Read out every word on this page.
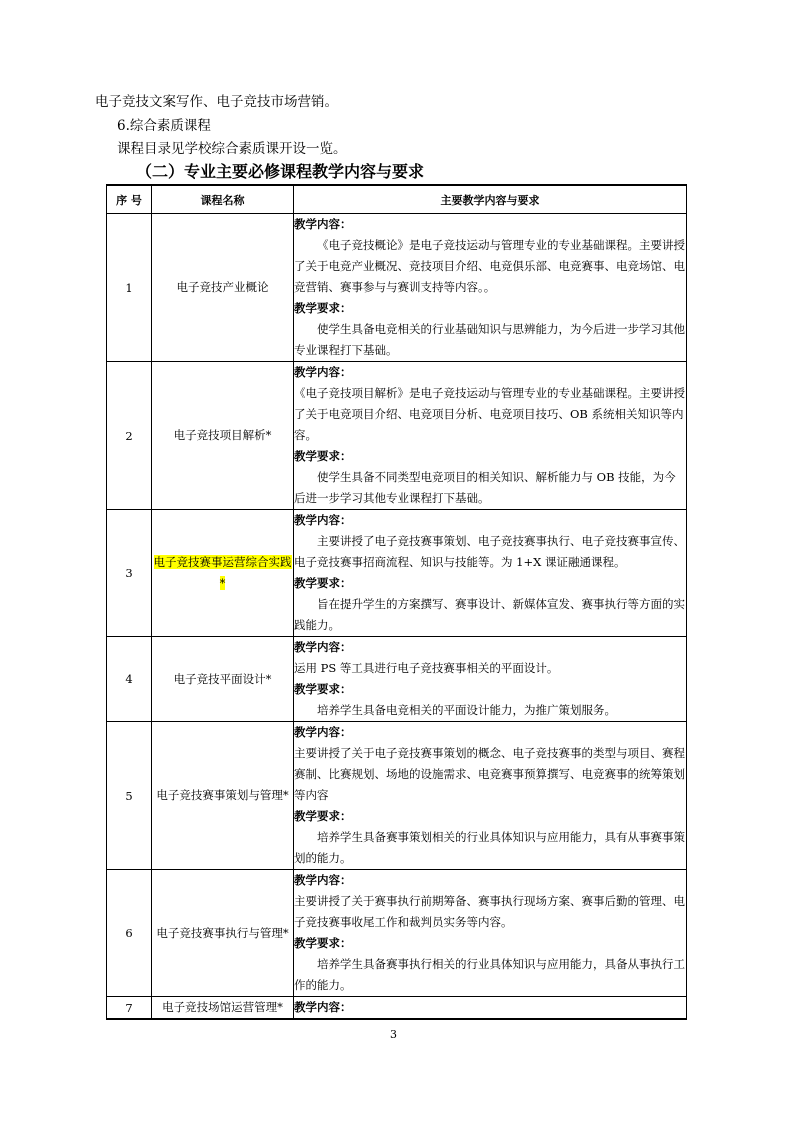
电子竞技文案写作、电子竞技市场营销。
6.综合素质课程
课程目录见学校综合素质课开设一览。
（二）专业主要必修课程教学内容与要求
序 号	课程名称	主要教学内容与要求
1	电子竞技产业概论	教学内容：
《电子竞技概论》是电子竞技运动与管理专业的专业基础课程。主要讲授了关于电竞产业概况、竞技项目介绍、电竞俱乐部、电竞赛事、电竞场馆、电竞营销、赛事参与与赛训支持等内容。。
教学要求：
使学生具备电竞相关的行业基础知识与思辨能力，为今后进一步学习其他专业课程打下基础。

2	电子竞技项目解析*	教学内容：
《电子竞技项目解析》是电子竞技运动与管理专业的专业基础课程。主要讲授了关于电竞项目介绍、电竞项目分析、电竞项目技巧、OB 系统相关知识等内容。
教学要求：
使学生具备不同类型电竞项目的相关知识、解析能力与 OB 技能，为今后进一步学习其他专业课程打下基础。

3	电子竞技赛事运营综合实践*	教学内容：
主要讲授了电子竞技赛事策划、电子竞技赛事执行、电子竞技赛事宣传、电子竞技赛事招商流程、知识与技能等。为 1+X 课证融通课程。
教学要求：
旨在提升学生的方案撰写、赛事设计、新媒体宣发、赛事执行等方面的实践能力。

4	电子竞技平面设计*	教学内容：
运用 PS 等工具进行电子竞技赛事相关的平面设计。
教学要求：
培养学生具备电竞相关的平面设计能力，为推广策划服务。

5	电子竞技赛事策划与管理*	教学内容：
主要讲授了关于电子竞技赛事策划的概念、电子竞技赛事的类型与项目、赛程赛制、比赛规划、场地的设施需求、电竞赛事预算撰写、电竞赛事的统筹策划等内容
教学要求：
培养学生具备赛事策划相关的行业具体知识与应用能力，具有从事赛事策划的能力。

6	电子竞技赛事执行与管理*	教学内容：
主要讲授了关于赛事执行前期筹备、赛事执行现场方案、赛事后勤的管理、电子竞技赛事收尾工作和裁判员实务等内容。
教学要求：
培养学生具备赛事执行相关的行业具体知识与应用能力，具备从事执行工作的能力。

7	电子竞技场馆运营管理*	教学内容：
3
